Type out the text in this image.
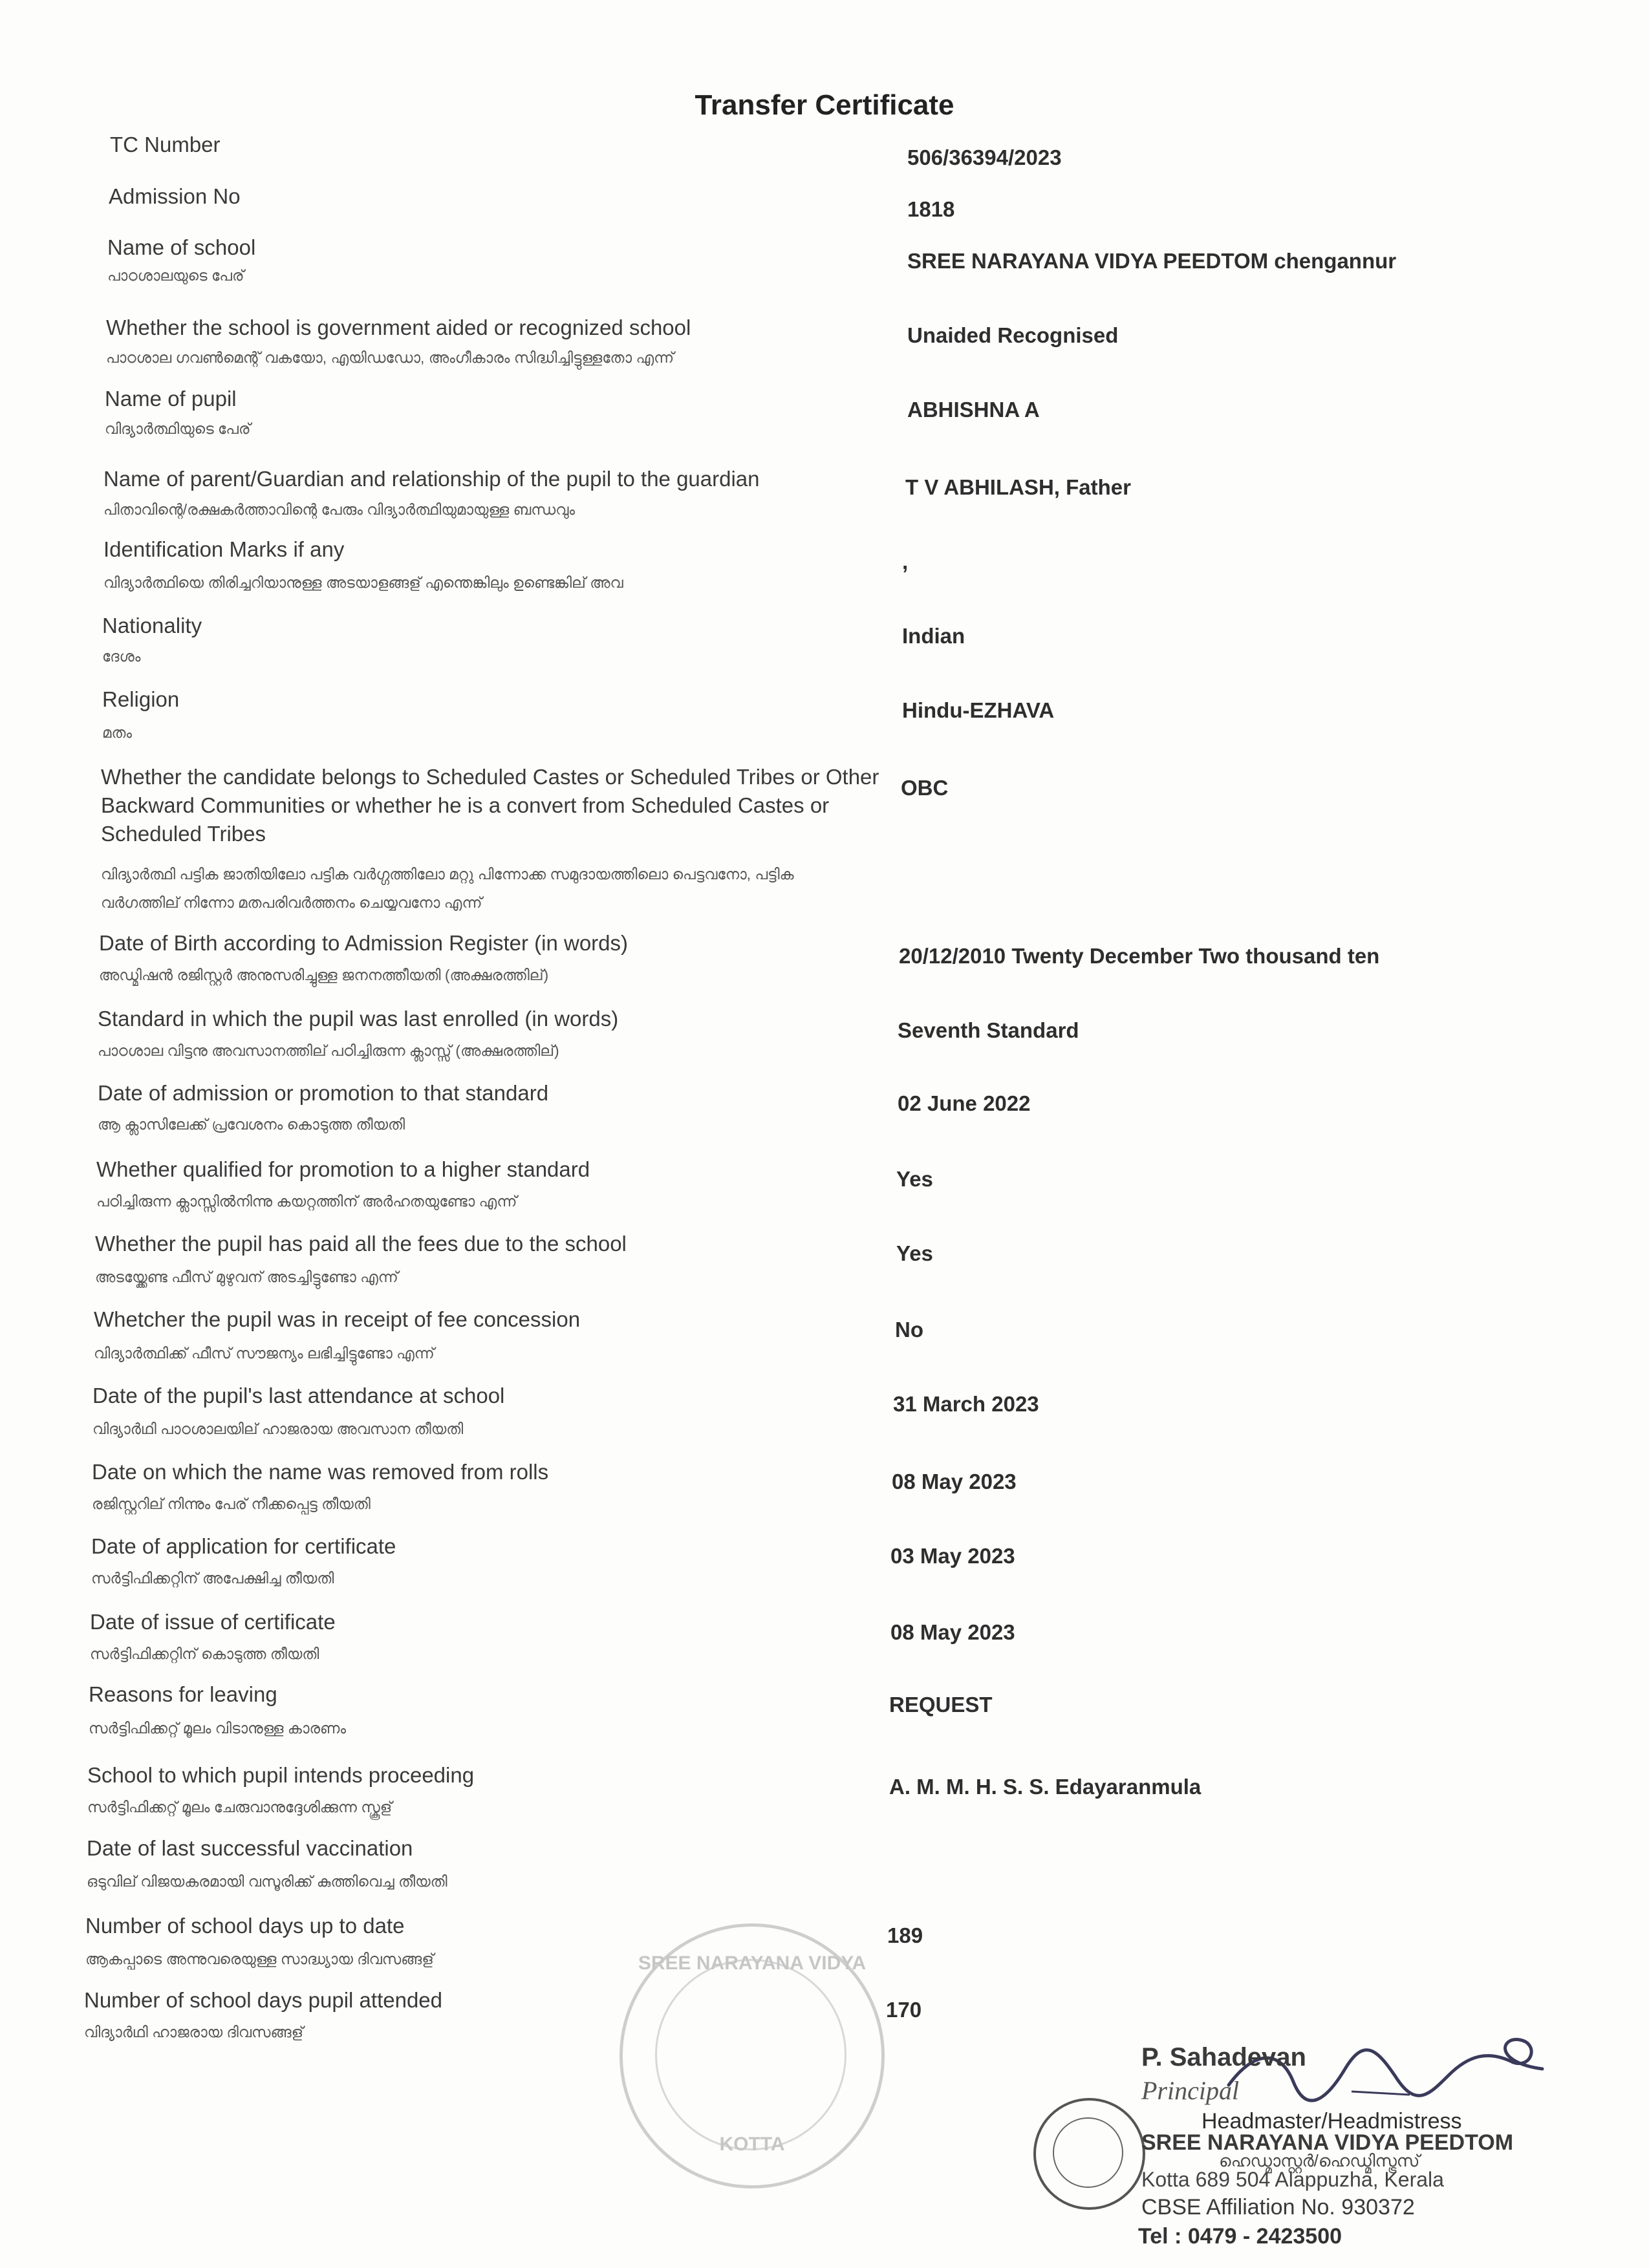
Transfer Certificate
TC Number
506/36394/2023
Admission No
1818
Name of school
പാഠശാലയുടെ പേര്
SREE NARAYANA VIDYA PEEDTOM chengannur
Whether the school is government aided or recognized school
പാഠശാല ഗവൺമെന്റ് വകയോ, എയിഡഡോ, അംഗീകാരം സിദ്ധിച്ചിട്ടുള്ളതോ എന്ന്
Unaided Recognised
Name of pupil
വിദ്യാർത്ഥിയുടെ പേര്
ABHISHNA A
Name of parent/Guardian and relationship of the pupil to the guardian
പിതാവിന്റെ/രക്ഷകർത്താവിന്റെ പേരും വിദ്യാർത്ഥിയുമായുള്ള ബന്ധവും
T V ABHILASH, Father
Identification Marks if any
വിദ്യാർത്ഥിയെ തിരിച്ചറിയാനുള്ള അടയാളങ്ങള് എന്തെങ്കിലും ഉണ്ടെങ്കില് അവ
,
Nationality
ദേശം
Indian
Religion
മതം
Hindu-EZHAVA
Whether the candidate belongs to Scheduled Castes or Scheduled Tribes or Other Backward Communities or whether he is a convert from Scheduled Castes or Scheduled Tribes
വിദ്യാർത്ഥി പട്ടിക ജാതിയിലോ പട്ടിക വർഗ്ഗത്തിലോ മറ്റു പിന്നോക്ക സമുദായത്തിലൊ പെട്ടവനോ, പട്ടിക വർഗത്തില് നിന്നോ മതപരിവർത്തനം ചെയ്യവനോ എന്ന്
OBC
Date of Birth according to Admission Register (in words)
അഡ്മിഷൻ രജിസ്റ്റർ അനുസരിച്ചുള്ള ജനനത്തീയതി (അക്ഷരത്തില്)
20/12/2010 Twenty December Two thousand ten
Standard in which the pupil was last enrolled (in words)
പാഠശാല വിട്ടനു അവസാനത്തില് പഠിച്ചിരുന്ന ക്ലാസ്സ് (അക്ഷരത്തില്)
Seventh Standard
Date of admission or promotion to that standard
ആ ക്ലാസിലേക്ക് പ്രവേശനം കൊടുത്ത തീയതി
02 June 2022
Whether qualified for promotion to a higher standard
പഠിച്ചിരുന്ന ക്ലാസ്സിൽനിന്നു കയറ്റത്തിന് അർഹതയുണ്ടോ എന്ന്
Yes
Whether the pupil has paid all the fees due to the school
അടയ്ക്കേണ്ട ഫീസ് മുഴുവന് അടച്ചിട്ടുണ്ടോ എന്ന്
Yes
Whetcher the pupil was in receipt of fee concession
വിദ്യാർത്ഥിക്ക് ഫീസ് സൗജന്യം ലഭിച്ചിട്ടുണ്ടോ എന്ന്
No
Date of the pupil's last attendance at school
വിദ്യാർഥി പാഠശാലയില് ഹാജരായ അവസാന തീയതി
31 March 2023
Date on which the name was removed from rolls
രജിസ്റ്ററില് നിന്നും പേര് നീക്കപ്പെട്ട തീയതി
08 May 2023
Date of application for certificate
സർട്ടിഫിക്കറ്റിന് അപേക്ഷിച്ച തീയതി
03 May 2023
Date of issue of certificate
സർട്ടിഫിക്കറ്റിന് കൊടുത്ത തീയതി
08 May 2023
Reasons for leaving
സർട്ടിഫിക്കറ്റ് മൂലം വിടാനുള്ള കാരണം
REQUEST
School to which pupil intends proceeding
സർട്ടിഫിക്കറ്റ് മൂലം ചേരുവാനുദ്ദേശിക്കുന്ന സ്കൂള്
A. M. M. H. S. S. Edayaranmula
Date of last successful vaccination
ഒടുവില് വിജയകരമായി വസൂരിക്ക് കുത്തിവെച്ച തീയതി
Number of school days up to date
ആകപ്പാടെ അന്നുവരെയുള്ള സാദ്ധ്യായ ദിവസങ്ങള്
189
Number of school days pupil attended
വിദ്യാർഥി ഹാജരായ ദിവസങ്ങള്
170
SREE NARAYANA VIDYA
KOTTA
P. Sahadevan
Principal
Headmaster/Headmistress
SREE NARAYANA VIDYA PEEDTOM
ഹെഡ്മാസ്റ്റർ/ഹെഡ്മിസ്ട്രസ്
Kotta 689 504 Alappuzha, Kerala
CBSE Affiliation No. 930372
Tel : 0479 - 2423500
